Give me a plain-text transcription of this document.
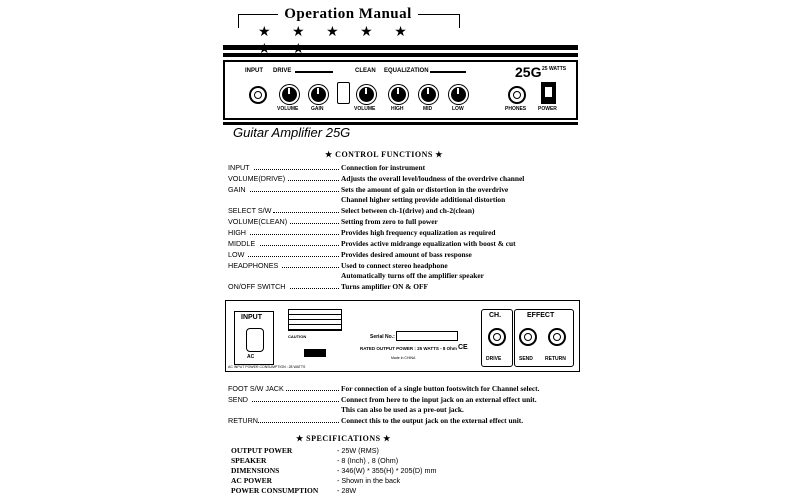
Operation Manual
★ ★ ★ ★ ★
INPUT DRIVE	CLEAN EQUALIZATION	25G 25 WATTS
VOLUME	GAIN	VOLUME	HIGH	MID	LOW	PHONES POWER
Guitar Amplifier 25G
★ CONTROL FUNCTIONS ★
INPUT	Connection for instrument
VOLUME(DRIVE)	Adjusts the overall level/loudness of the overdrive channel
GAIN	Sets the amount of gain or distortion in the overdrive
Channel higher setting provide additional distortion
SELECT S/W	Select between ch-1(drive) and ch-2(clean)
VOLUME(CLEAN)	Setting from zero to full power
HIGH	Provides high frequency equalization as required
MIDDLE	Provides active midrange equalization with boost & cut
LOW	Provides desired amount of bass response
HEADPHONES	Used to connect stereo headphone
Automatically turns off the amplifier speaker
ON/OFF SWITCH	Turns amplifier ON & OFF
INPUT
AC
AC INPUT POWER CONSUMPTION : 28 WATTS
CAUTION	Serial No.:
RATED OUTPUT POWER : 25 WATTS - 8 Ohm CE
Made in CHINA
CH.
DRIVE
EFFECT
SEND RETURN
FOOT S/W JACK	For connection of a single button footswitch for Channel select.
SEND	Connect from here to the input jack on an external effect unit.
This can also be used as a pre-out jack.
RETURN	Connect this to the output jack on the external effect unit.
★ SPECIFICATIONS ★
OUTPUT POWER	- 25W (RMS)
SPEAKER	- 8 (Inch) , 8 (Ohm)
DIMENSIONS	- 346(W) * 355(H) * 205(D) mm
AC POWER	- Shown in the back
POWER CONSUMPTION	- 28W
